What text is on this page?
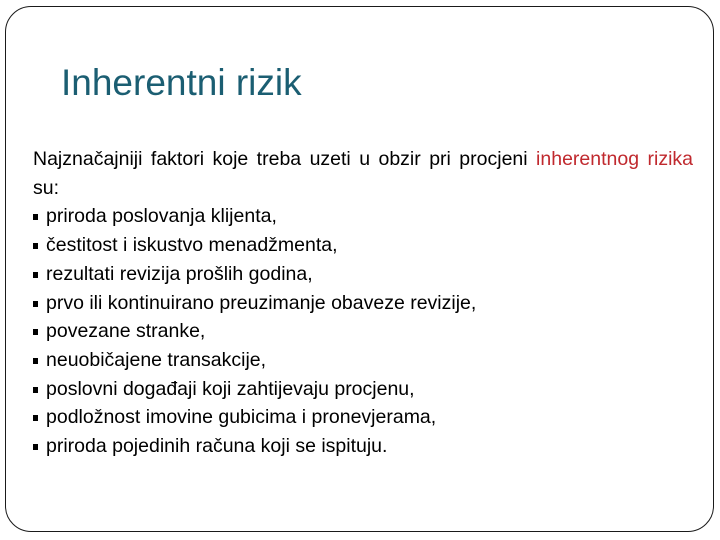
Inherentni rizik

Najznačajniji faktori koje treba uzeti u obzir pri procjeni inherentnog rizika su:

priroda poslovanja klijenta,
čestitost i iskustvo menadžmenta,
rezultati revizija prošlih godina,
prvo ili kontinuirano preuzimanje obaveze revizije,
povezane stranke,
neuobičajene transakcije,
poslovni događaji koji zahtijevaju procjenu,
podložnost imovine gubicima i pronevjerama,
priroda pojedinih računa koji se ispituju.
